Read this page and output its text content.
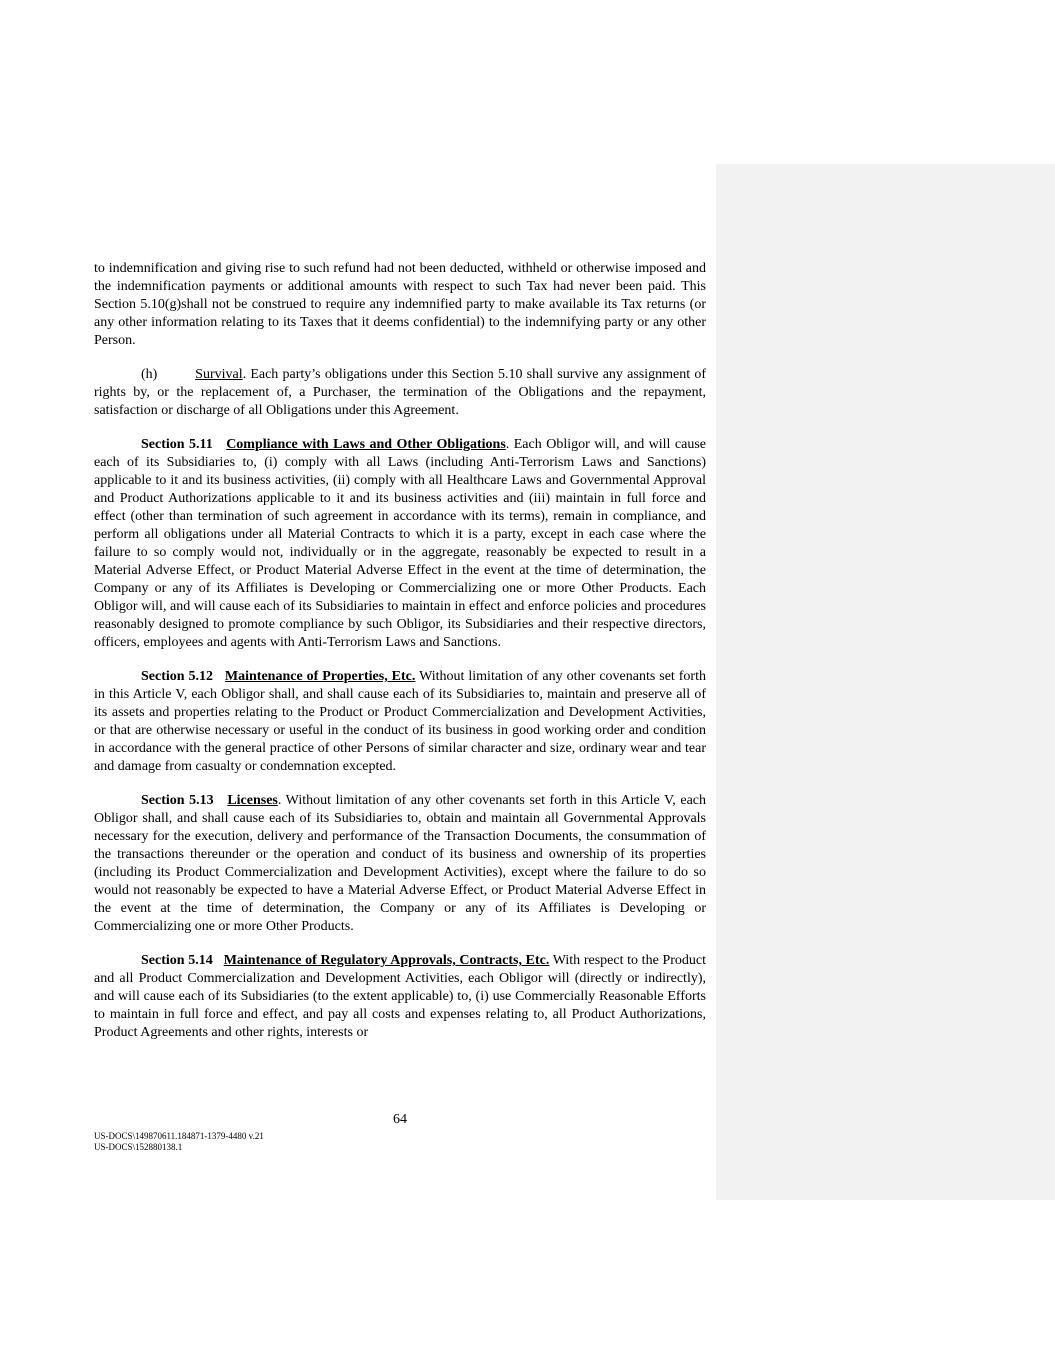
to indemnification and giving rise to such refund had not been deducted, withheld or otherwise imposed and the indemnification payments or additional amounts with respect to such Tax had never been paid. This Section 5.10(g)shall not be construed to require any indemnified party to make available its Tax returns (or any other information relating to its Taxes that it deems confidential) to the indemnifying party or any other Person.

(h)	Survival. Each party’s obligations under this Section 5.10 shall survive any assignment of rights by, or the replacement of, a Purchaser, the termination of the Obligations and the repayment, satisfaction or discharge of all Obligations under this Agreement.

Section 5.11 Compliance with Laws and Other Obligations. Each Obligor will, and will cause each of its Subsidiaries to, (i) comply with all Laws (including Anti-Terrorism Laws and Sanctions) applicable to it and its business activities, (ii) comply with all Healthcare Laws and Governmental Approval and Product Authorizations applicable to it and its business activities and (iii) maintain in full force and effect (other than termination of such agreement in accordance with its terms), remain in compliance, and perform all obligations under all Material Contracts to which it is a party, except in each case where the failure to so comply would not, individually or in the aggregate, reasonably be expected to result in a Material Adverse Effect, or Product Material Adverse Effect in the event at the time of determination, the Company or any of its Affiliates is Developing or Commercializing one or more Other Products. Each Obligor will, and will cause each of its Subsidiaries to maintain in effect and enforce policies and procedures reasonably designed to promote compliance by such Obligor, its Subsidiaries and their respective directors, officers, employees and agents with Anti-Terrorism Laws and Sanctions.

Section 5.12 Maintenance of Properties, Etc. Without limitation of any other covenants set forth in this Article V, each Obligor shall, and shall cause each of its Subsidiaries to, maintain and preserve all of its assets and properties relating to the Product or Product Commercialization and Development Activities, or that are otherwise necessary or useful in the conduct of its business in good working order and condition in accordance with the general practice of other Persons of similar character and size, ordinary wear and tear and damage from casualty or condemnation excepted.

Section 5.13 Licenses. Without limitation of any other covenants set forth in this Article V, each Obligor shall, and shall cause each of its Subsidiaries to, obtain and maintain all Governmental Approvals necessary for the execution, delivery and performance of the Transaction Documents, the consummation of the transactions thereunder or the operation and conduct of its business and ownership of its properties (including its Product Commercialization and Development Activities), except where the failure to do so would not reasonably be expected to have a Material Adverse Effect, or Product Material Adverse Effect in the event at the time of determination, the Company or any of its Affiliates is Developing or Commercializing one or more Other Products.

Section 5.14 Maintenance of Regulatory Approvals, Contracts, Etc. With respect to the Product and all Product Commercialization and Development Activities, each Obligor will (directly or indirectly), and will cause each of its Subsidiaries (to the extent applicable) to, (i) use Commercially Reasonable Efforts to maintain in full force and effect, and pay all costs and expenses relating to, all Product Authorizations, Product Agreements and other rights, interests or

64
US-DOCS\149870611.184871-1379-4480 v.21
US-DOCS\152880138.1
